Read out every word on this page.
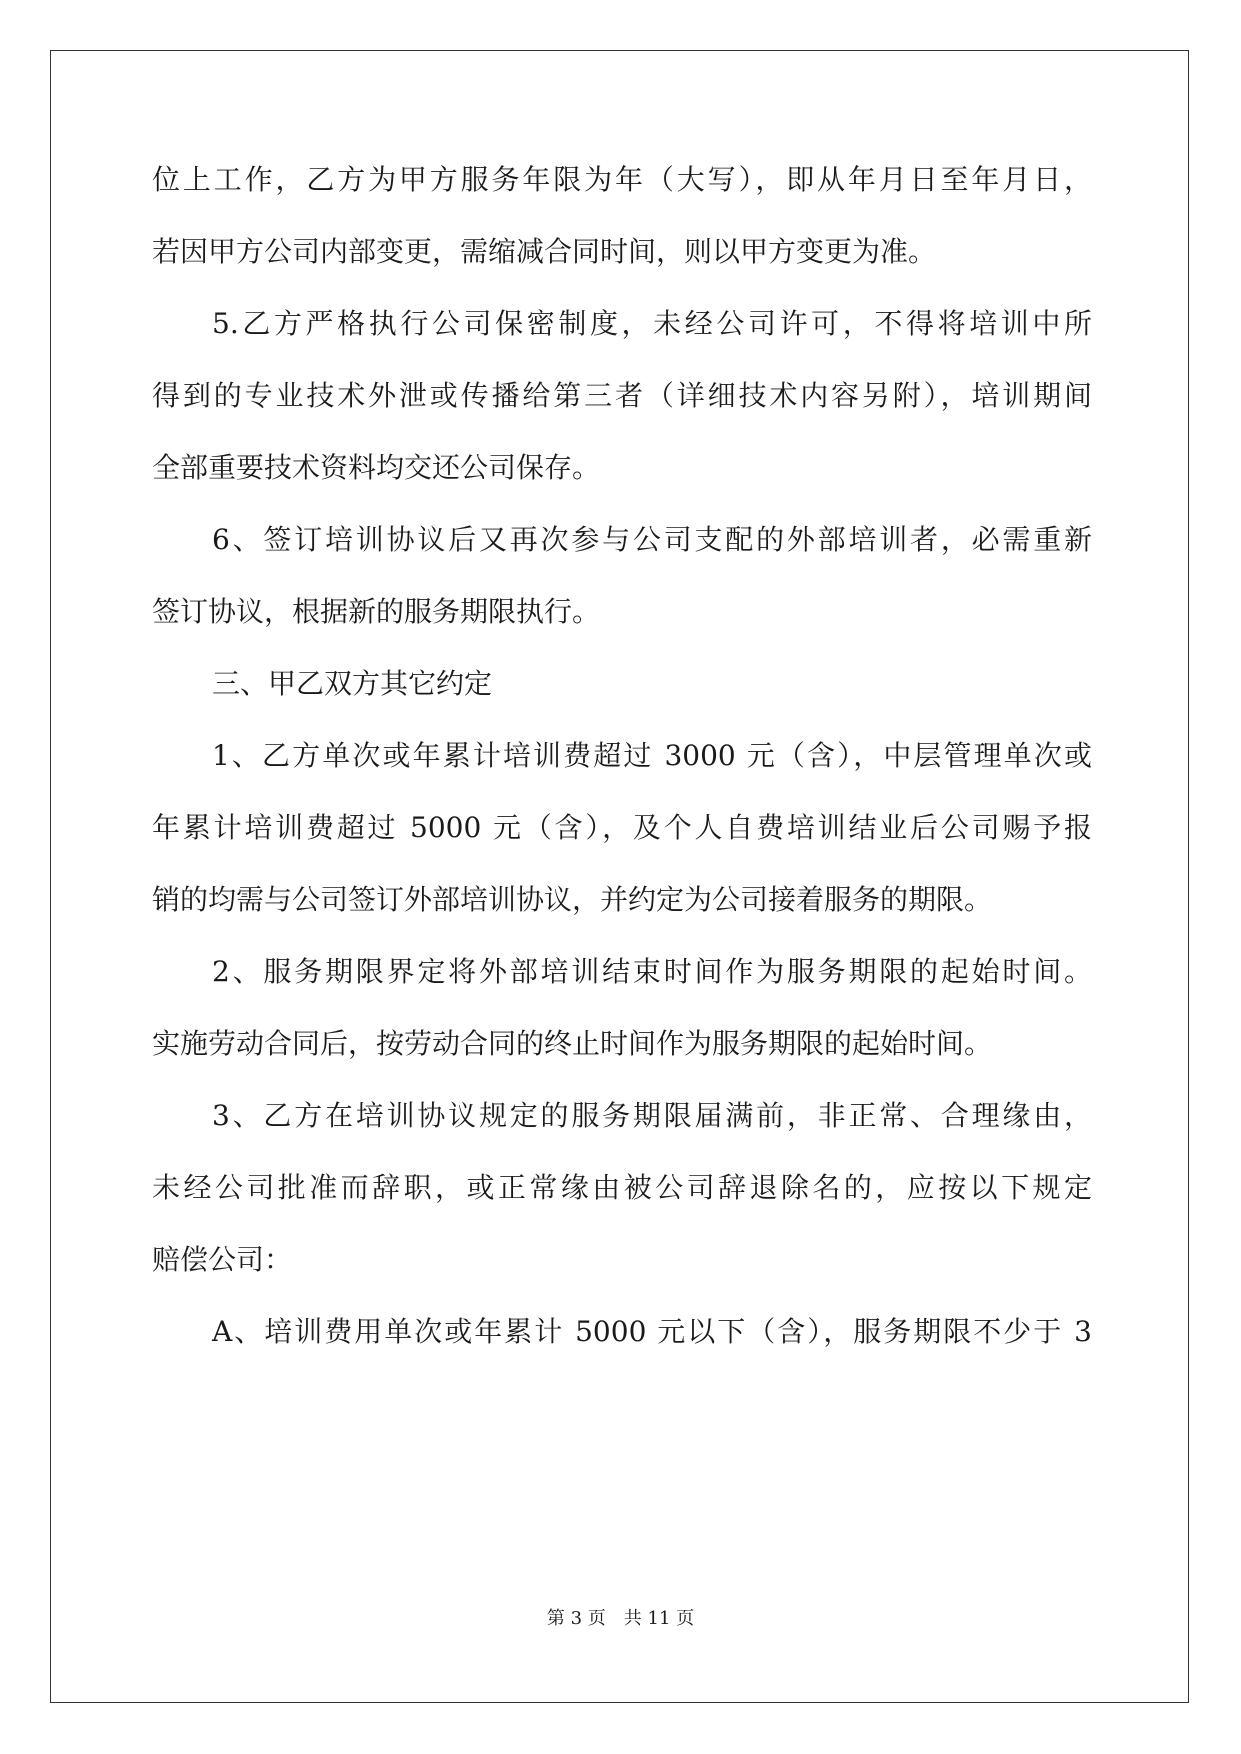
位上工作，乙方为甲方服务年限为年（大写），即从年月日至年月日，
若因甲方公司内部变更，需缩减合同时间，则以甲方变更为准。
5.乙方严格执行公司保密制度，未经公司许可，不得将培训中所
得到的专业技术外泄或传播给第三者（详细技术内容另附），培训期间
全部重要技术资料均交还公司保存。
6、签订培训协议后又再次参与公司支配的外部培训者，必需重新
签订协议，根据新的服务期限执行。
三、甲乙双方其它约定
1、乙方单次或年累计培训费超过 3000 元（含），中层管理单次或
年累计培训费超过 5000 元（含），及个人自费培训结业后公司赐予报
销的均需与公司签订外部培训协议，并约定为公司接着服务的期限。
2、服务期限界定将外部培训结束时间作为服务期限的起始时间。
实施劳动合同后，按劳动合同的终止时间作为服务期限的起始时间。
3、乙方在培训协议规定的服务期限届满前，非正常、合理缘由，
未经公司批准而辞职，或正常缘由被公司辞退除名的，应按以下规定
赔偿公司：
A、培训费用单次或年累计 5000 元以下（含），服务期限不少于 3
第 3 页　共 11 页
